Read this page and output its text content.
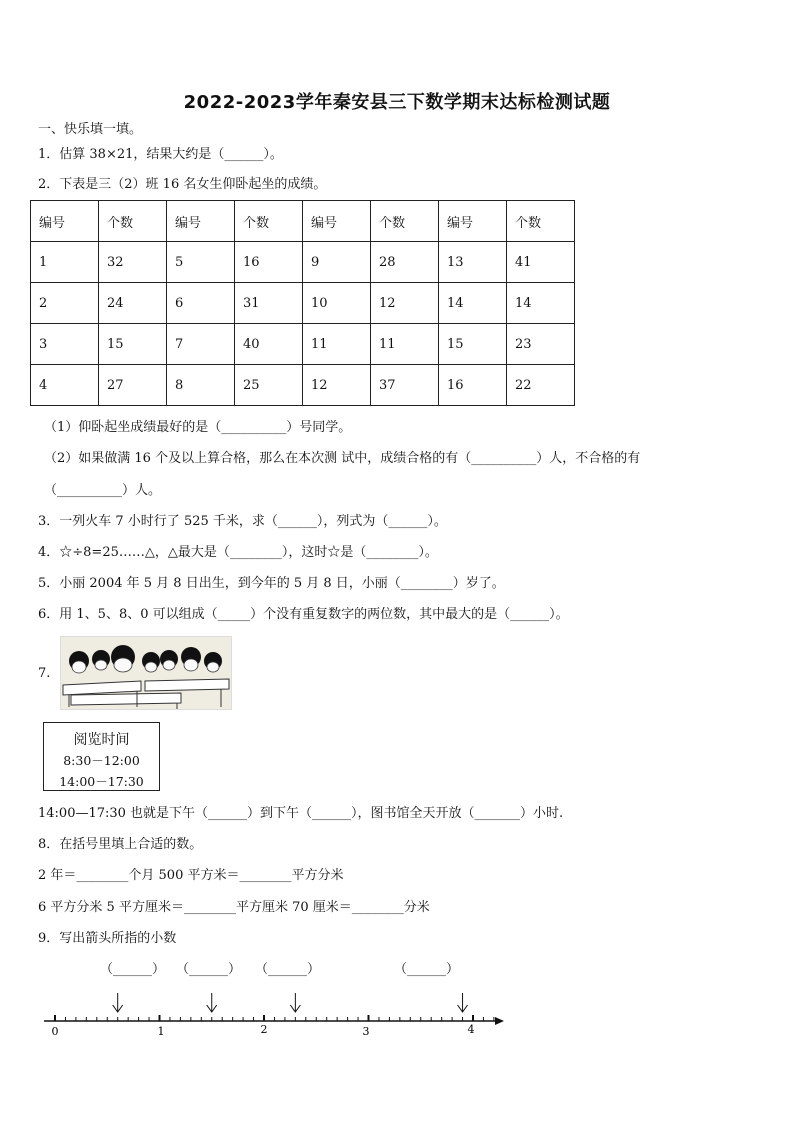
2022-2023学年秦安县三下数学期末达标检测试题
一、快乐填一填。
1．估算 38×21，结果大约是（______）。
2．下表是三（2）班 16 名女生仰卧起坐的成绩。
编号	个数	编号	个数	编号	个数	编号	个数
1	32	5	16	9	28	13	41
2	24	6	31	10	12	14	14
3	15	7	40	11	11	15	23
4	27	8	25	12	37	16	22
（1）仰卧起坐成绩最好的是（__________）号同学。
（2）如果做满 16 个及以上算合格，那么在本次测 试中，成绩合格的有（__________）人，不合格的有
（__________）人。
3．一列火车 7 小时行了 525 千米，求（______），列式为（______）。
4．☆÷8=25……△，△最大是（________），这时☆是（________）。
5．小丽 2004 年 5 月 8 日出生，到今年的 5 月 8 日，小丽（________）岁了。
6．用 1、5、8、0 可以组成（_____）个没有重复数字的两位数，其中最大的是（______）。
7.
阅览时间
8:30－12:00
14:00－17:30
14:00—17:30 也就是下午（______）到下午（______），图书馆全天开放（_______）小时.
8．在括号里填上合适的数。
2 年＝________个月 500 平方米＝________平方分米
6 平方分米 5 平方厘米＝________平方厘米 70 厘米＝________分米
9．写出箭头所指的小数
（______） （______） （______）	（______）
0	1	2	3	4
